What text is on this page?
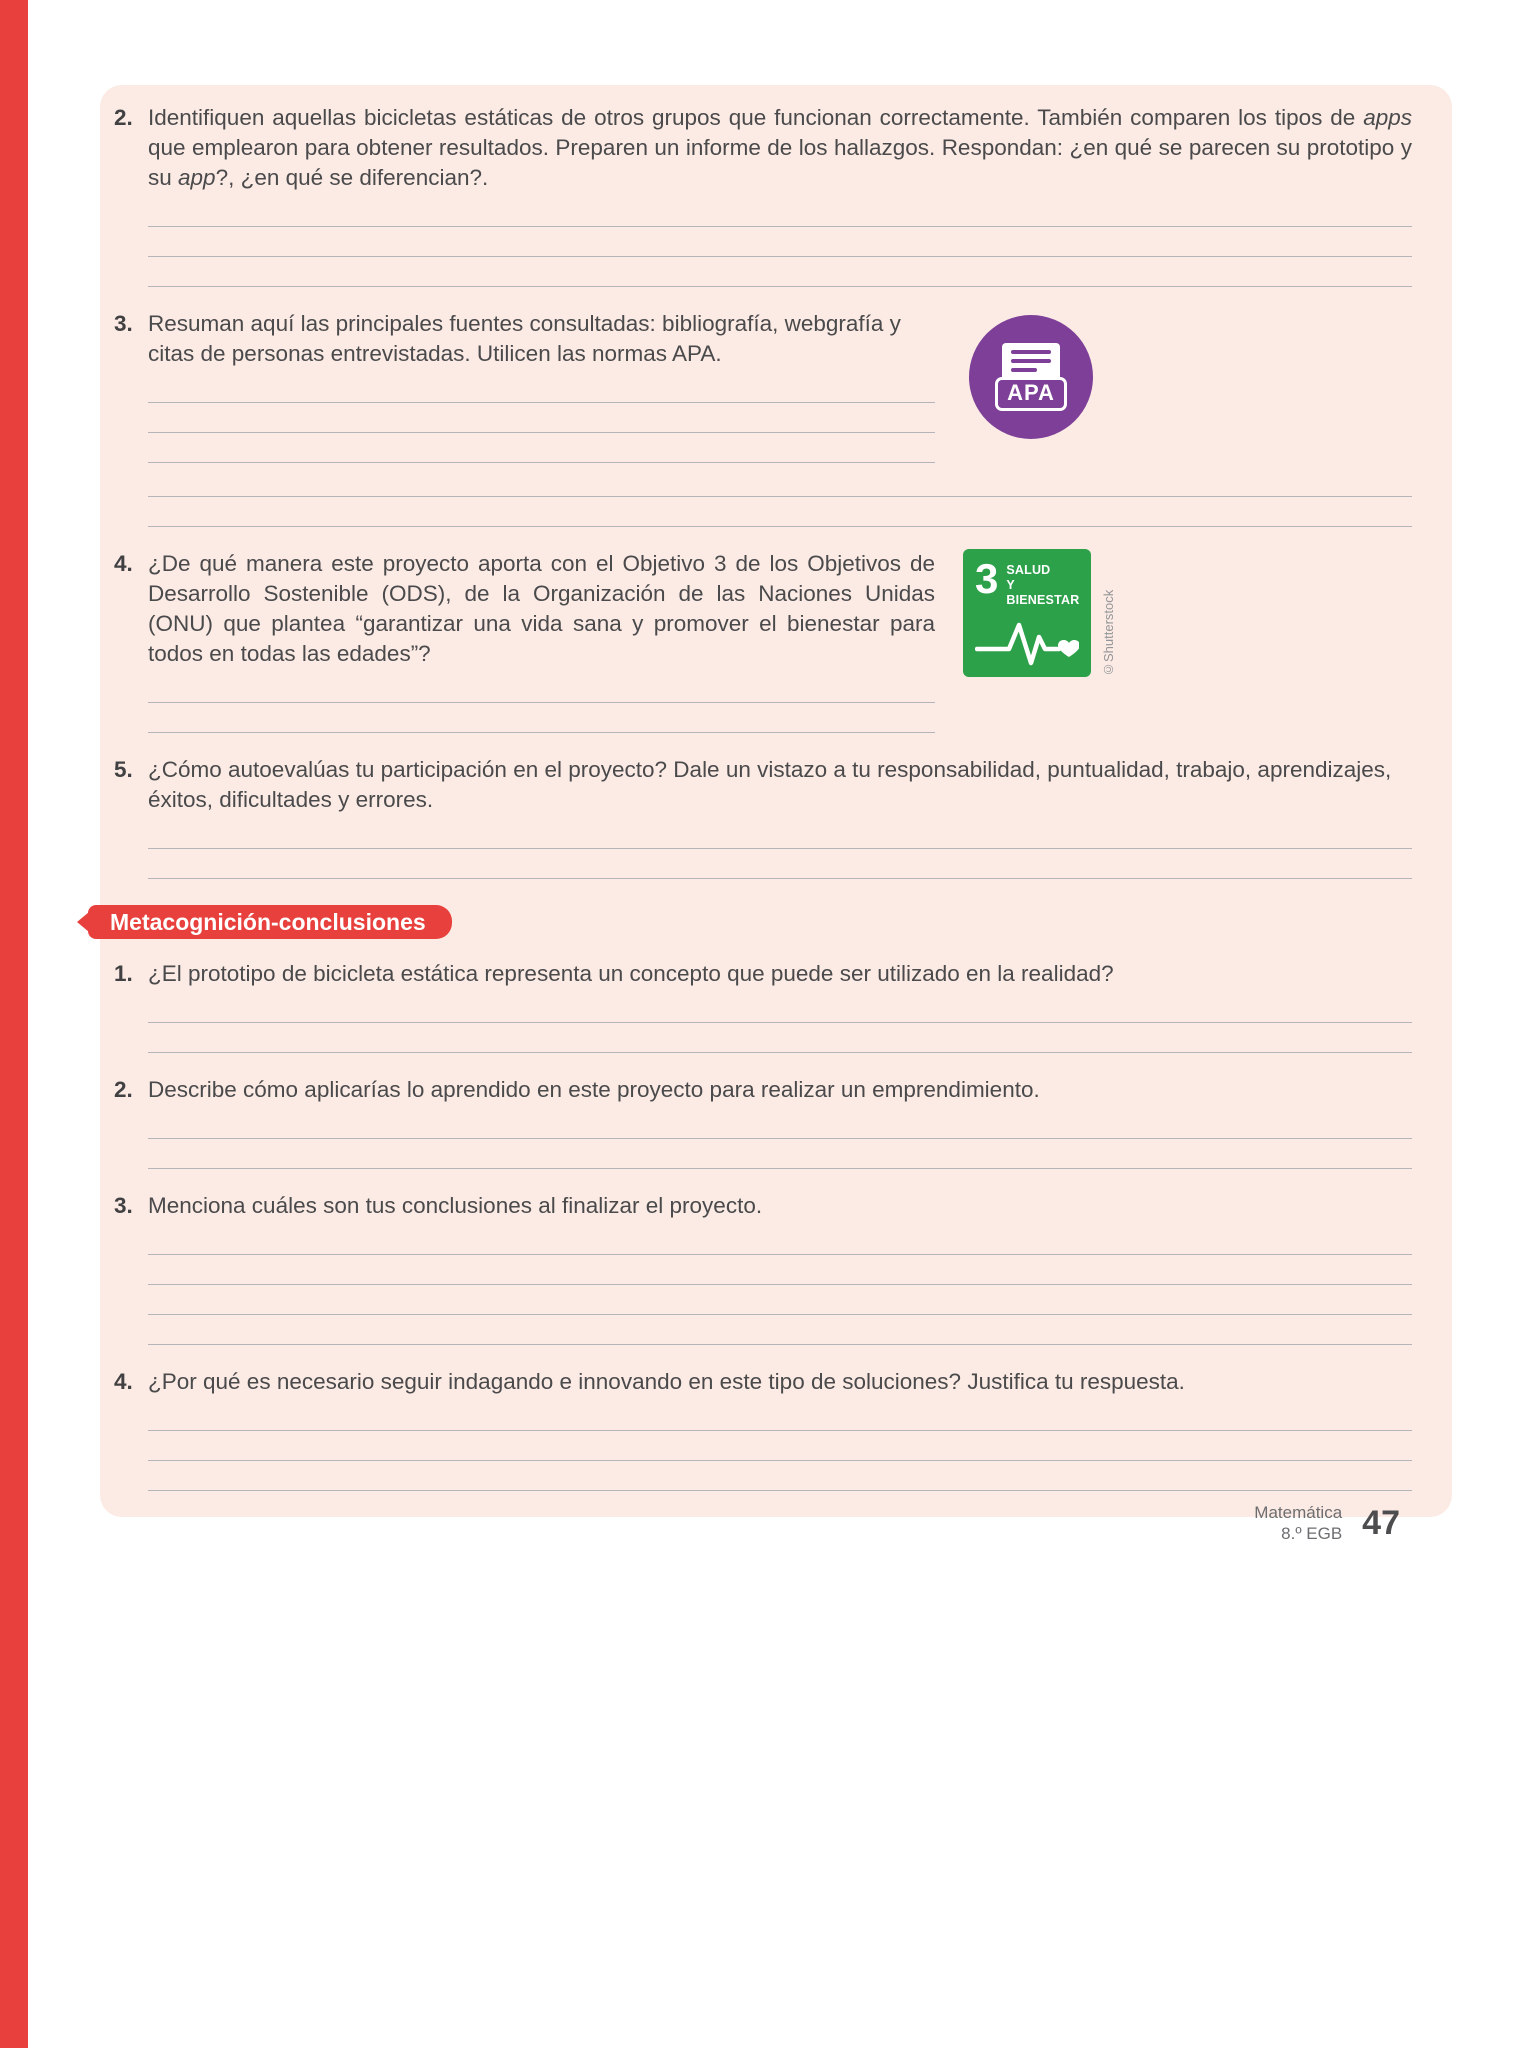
2. Identifiquen aquellas bicicletas estáticas de otros grupos que funcionan correctamente. También comparen los tipos de apps que emplearon para obtener resultados. Preparen un informe de los hallazgos. Respondan: ¿en qué se parecen su prototipo y su app?, ¿en qué se diferencian?.

3. Resuman aquí las principales fuentes consultadas: bibliografía, webgrafía y citas de personas entrevistadas. Utilicen las normas APA.

APA
4. ¿De qué manera este proyecto aporta con el Objetivo 3 de los Objetivos de Desarrollo Sostenible (ODS), de la Organización de las Naciones Unidas (ONU) que plantea “garantizar una vida sana y promover el bienestar para todos en todas las edades”?

3 SALUD
Y BIENESTAR ©Shutterstock
5. ¿Cómo autoevalúas tu participación en el proyecto? Dale un vistazo a tu responsabilidad, puntualidad, trabajo, aprendizajes, éxitos, dificultades y errores.

Metacognición-conclusiones
1. ¿El prototipo de bicicleta estática representa un concepto que puede ser utilizado en la realidad?

2. Describe cómo aplicarías lo aprendido en este proyecto para realizar un emprendimiento.

3. Menciona cuáles son tus conclusiones al finalizar el proyecto.

4. ¿Por qué es necesario seguir indagando e innovando en este tipo de soluciones? Justifica tu respuesta.

Matemática
8.º EGB 47
